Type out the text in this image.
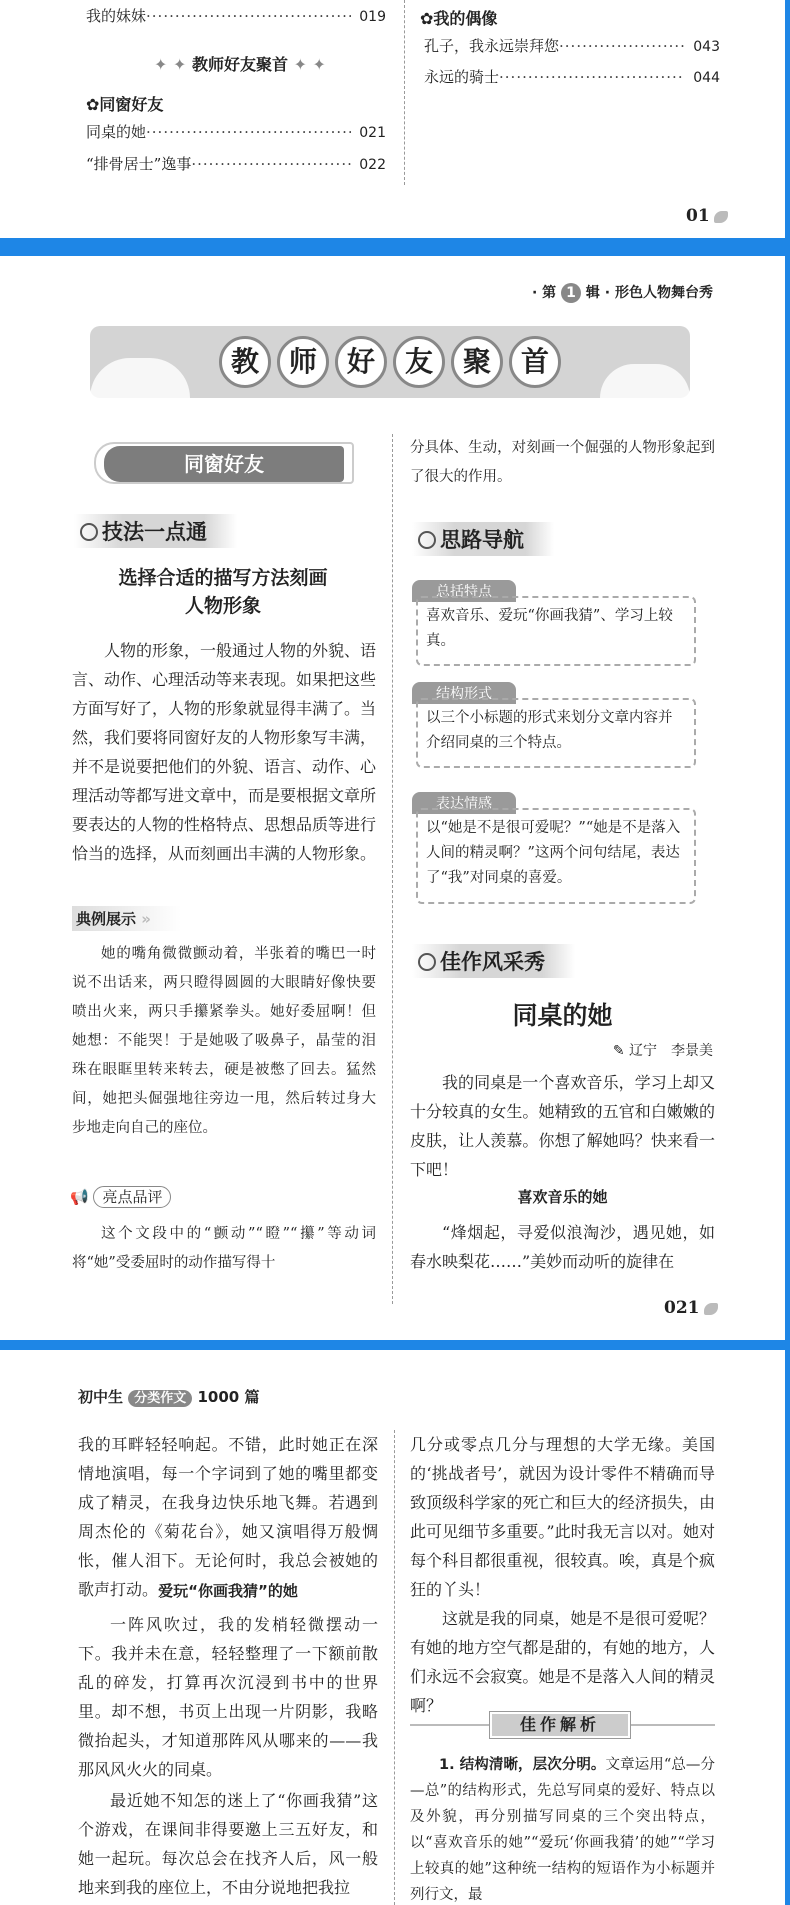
我的妹妹 ·····	019
✦ ✦ 教师好友聚首 ✦ ✦
✿同窗好友
同桌的她 ·····	021
“排骨居士”逸事 ·····	022
✿我的偶像
孔子，我永远崇拜您 ·····	043
永远的骑士 ·····	044
01
· 第 1 辑 · 形色人物舞台秀
教 师 好 友 聚 首
同窗好友
技法一点通
选择合适的描写方法刻画
人物形象
人物的形象，一般通过人物的外貌、语言、动作、心理活动等来表现。如果把这些方面写好了，人物的形象就显得丰满了。当然，我们要将同窗好友的人物形象写丰满，并不是说要把他们的外貌、语言、动作、心理活动等都写进文章中，而是要根据文章所要表达的人物的性格特点、思想品质等进行恰当的选择，从而刻画出丰满的人物形象。
典例展示 »
她的嘴角微微颤动着，半张着的嘴巴一时说不出话来，两只瞪得圆圆的大眼睛好像快要喷出火来，两只手攥紧拳头。她好委屈啊！但她想：不能哭！于是她吸了吸鼻子，晶莹的泪珠在眼眶里转来转去，硬是被憋了回去。猛然间，她把头倔强地往旁边一甩，然后转过身大步地走向自己的座位。
📢 亮点品评
这个文段中的“颤动”“瞪”“攥”等动词将“她”受委屈时的动作描写得十
分具体、生动，对刻画一个倔强的人物形象起到了很大的作用。
思路导航
总括特点
喜欢音乐、爱玩“你画我猜”、学习上较真。
结构形式
以三个小标题的形式来划分文章内容并介绍同桌的三个特点。
表达情感
以“她是不是很可爱呢？”“她是不是落入人间的精灵啊？”这两个问句结尾，表达了“我”对同桌的喜爱。
佳作风采秀
同桌的她
✎ 辽宁　李景美
我的同桌是一个喜欢音乐，学习上却又十分较真的女生。她精致的五官和白嫩嫩的皮肤，让人羡慕。你想了解她吗？快来看一下吧！
喜欢音乐的她
“烽烟起，寻爱似浪淘沙，遇见她，如春水映梨花……”美妙而动听的旋律在
021
初中生 分类作文 1000 篇
我的耳畔轻轻响起。不错，此时她正在深情地演唱，每一个字词到了她的嘴里都变成了精灵，在我身边快乐地飞舞。若遇到周杰伦的《菊花台》，她又演唱得万般惆怅，催人泪下。无论何时，我总会被她的歌声打动。 爱玩“你画我猜”的她
一阵风吹过，我的发梢轻微摆动一下。我并未在意，轻轻整理了一下额前散乱的碎发，打算再次沉浸到书中的世界里。却不想，书页上出现一片阴影，我略微抬起头，才知道那阵风从哪来的——我那风风火火的同桌。
最近她不知怎的迷上了“你画我猜”这个游戏，在课间非得要邀上三五好友，和她一起玩。每次总会在找齐人后，风一般地来到我的座位上，不由分说地把我拉
几分或零点几分与理想的大学无缘。美国的‘挑战者号’，就因为设计零件不精确而导致顶级科学家的死亡和巨大的经济损失，由此可见细节多重要。”此时我无言以对。她对每个科目都很重视，很较真。唉，真是个疯狂的丫头！
这就是我的同桌，她是不是很可爱呢？有她的地方空气都是甜的，有她的地方，人们永远不会寂寞。她是不是落入人间的精灵啊？
佳作解析
1. 结构清晰，层次分明。文章运用“总—分—总”的结构形式，先总写同桌的爱好、特点以及外貌，再分别描写同桌的三个突出特点，以“喜欢音乐的她”“爱玩‘你画我猜’的她”“学习上较真的她”这种统一结构的短语作为小标题并列行文，最
